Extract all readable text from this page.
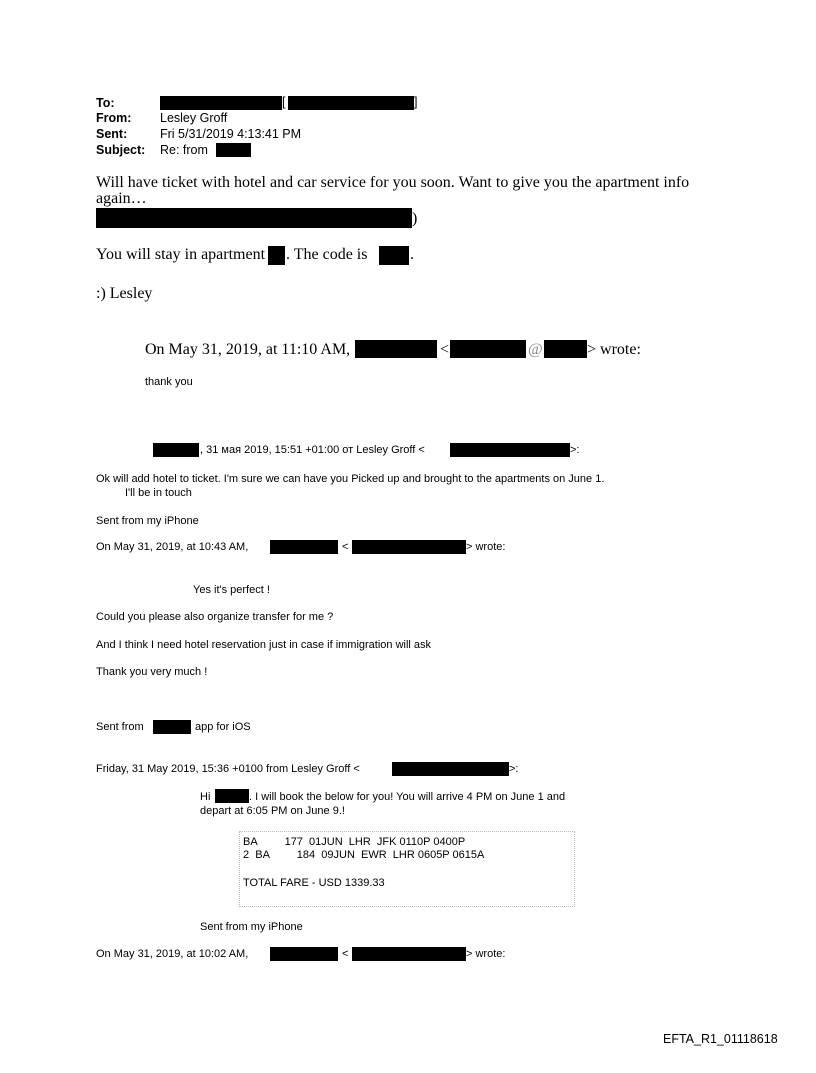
To:	[	]
From: Lesley Groff
Sent:	Fri 5/31/2019 4:13:41 PM
Subject: Re: from
Will have ticket with hotel and car service for you soon. Want to give you the apartment info
again…
)
You will stay in apartment . The code is	.
:) Lesley
On May 31, 2019, at 11:10 AM,	<	@	> wrote:
thank you
, 31 мая 2019, 15:51 +01:00 от Lesley Groff <	>:
Ok will add hotel to ticket. I'm sure we can have you Picked up and brought to the apartments on June 1.
I'll be in touch
Sent from my iPhone
On May 31, 2019, at 10:43 AM,	<	> wrote:
Yes it's perfect !
Could you please also organize transfer for me ?
And I think I need hotel reservation just in case if immigration will ask
Thank you very much !
Sent from	app for iOS
Friday, 31 May 2019, 15:36 +0100 from Lesley Groff <	>:
Hi	. I will book the below for you! You will arrive 4 PM on June 1 and
depart at 6:05 PM on June 9.!
BA         177  01JUN  LHR  JFK 0110P 0400P
2  BA         184  09JUN  EWR  LHR 0605P 0615A
TOTAL FARE - USD 1339.33
Sent from my iPhone
On May 31, 2019, at 10:02 AM,	<	> wrote:
EFTA_R1_01118618
